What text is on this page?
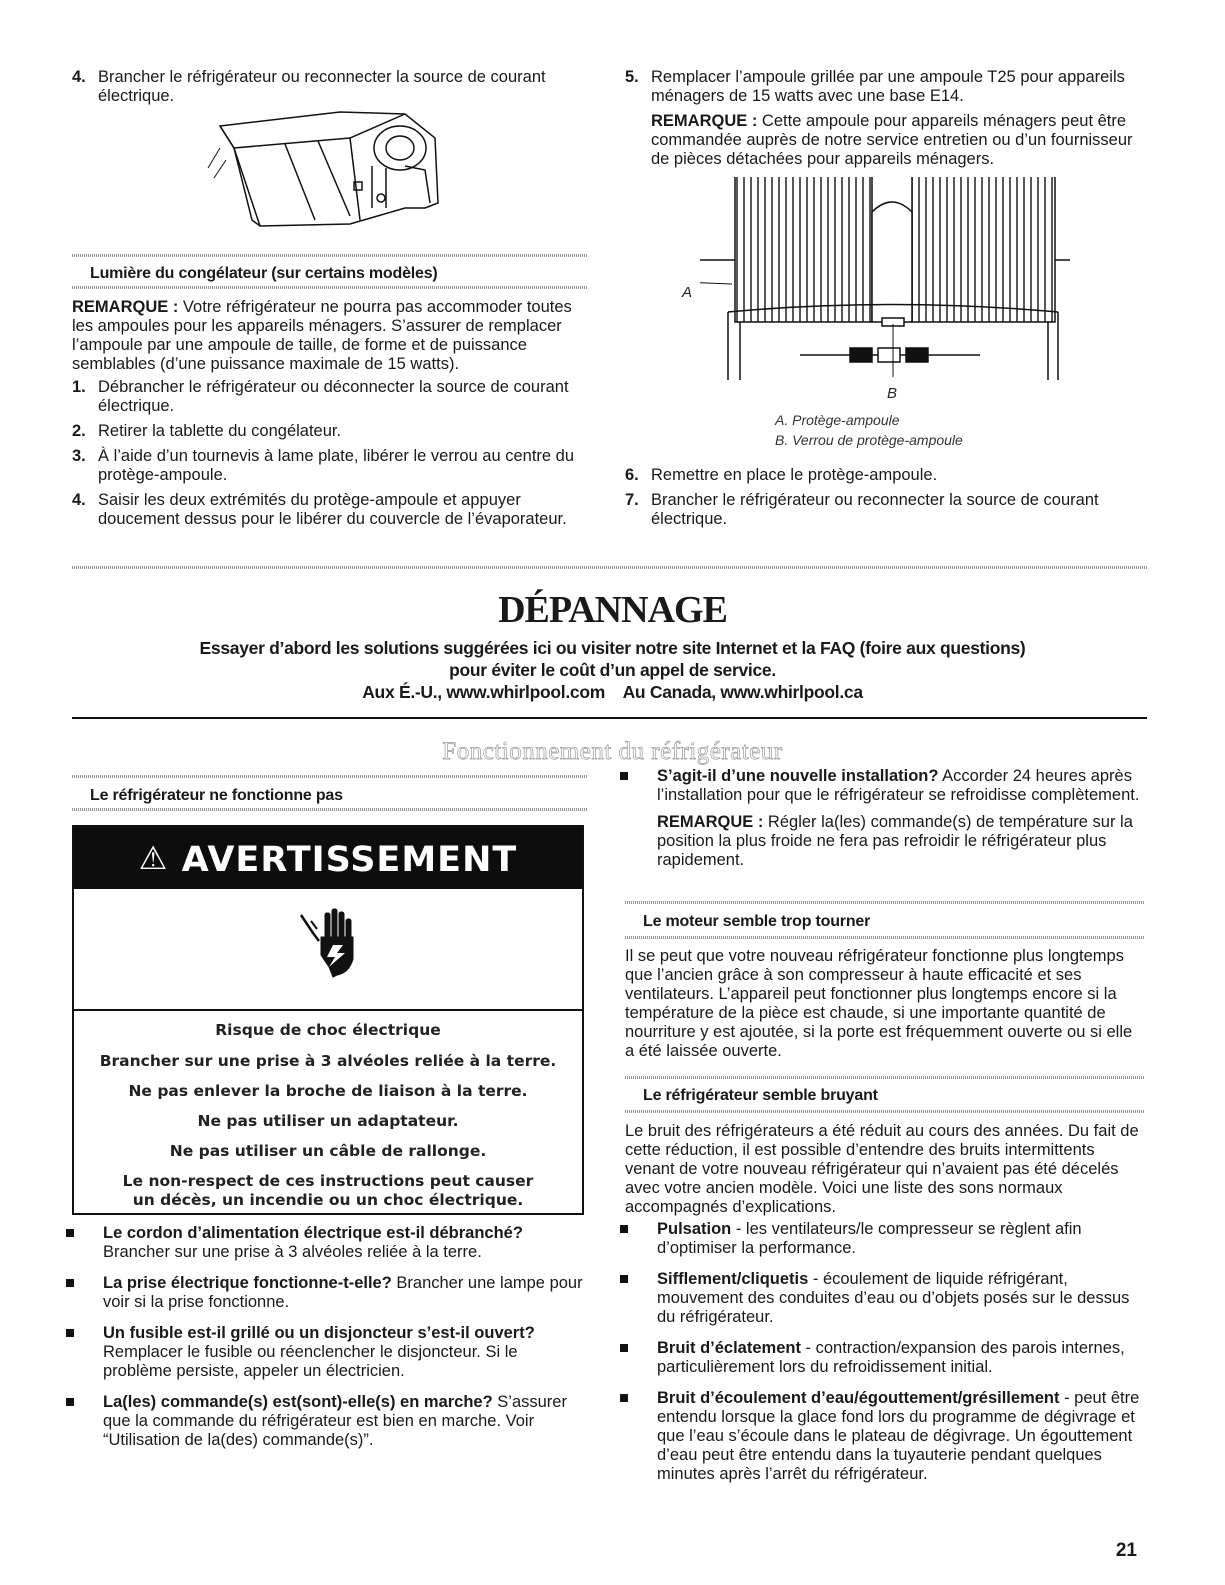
4. Brancher le réfrigérateur ou reconnecter la source de courant électrique.
Lumière du congélateur (sur certains modèles)

REMARQUE : Votre réfrigérateur ne pourra pas accommoder toutes les ampoules pour les appareils ménagers. S’assurer de remplacer l’ampoule par une ampoule de taille, de forme et de puissance semblables (d’une puissance maximale de 15 watts).

1. Débrancher le réfrigérateur ou déconnecter la source de courant électrique.
2. Retirer la tablette du congélateur.
3. À l’aide d’un tournevis à lame plate, libérer le verrou au centre du protège-ampoule.
4. Saisir les deux extrémités du protège-ampoule et appuyer doucement dessus pour le libérer du couvercle de l’évaporateur.
5. Remplacer l’ampoule grillée par une ampoule T25 pour appareils ménagers de 15 watts avec une base E14.

REMARQUE : Cette ampoule pour appareils ménagers peut être commandée auprès de notre service entretien ou d’un fournisseur de pièces détachées pour appareils ménagers.

A
B
A. Protège-ampoule
B. Verrou de protège-ampoule
6. Remettre en place le protège-ampoule.
7. Brancher le réfrigérateur ou reconnecter la source de courant électrique.
DÉPANNAGE
Essayer d’abord les solutions suggérées ici ou visiter notre site Internet et la FAQ (foire aux questions)
pour éviter le coût d’un appel de service.
Aux É.-U., www.whirlpool.com    Au Canada, www.whirlpool.ca
Fonctionnement du réfrigérateur
Le réfrigérateur ne fonctionne pas
⚠ AVERTISSEMENT
Risque de choc électrique
Brancher sur une prise à 3 alvéoles reliée à la terre.
Ne pas enlever la broche de liaison à la terre.
Ne pas utiliser un adaptateur.
Ne pas utiliser un câble de rallonge.
Le non-respect de ces instructions peut causer
un décès, un incendie ou un choc électrique.
Le cordon d’alimentation électrique est-il débranché? Brancher sur une prise à 3 alvéoles reliée à la terre.
La prise électrique fonctionne-t-elle? Brancher une lampe pour voir si la prise fonctionne.
Un fusible est-il grillé ou un disjoncteur s’est-il ouvert? Remplacer le fusible ou réenclencher le disjoncteur. Si le problème persiste, appeler un électricien.
La(les) commande(s) est(sont)-elle(s) en marche? S’assurer que la commande du réfrigérateur est bien en marche. Voir “Utilisation de la(des) commande(s)”.
S’agit-il d’une nouvelle installation? Accorder 24 heures après l’installation pour que le réfrigérateur se refroidisse complètement.

REMARQUE : Régler la(les) commande(s) de température sur la position la plus froide ne fera pas refroidir le réfrigérateur plus rapidement.

Le moteur semble trop tourner

Il se peut que votre nouveau réfrigérateur fonctionne plus longtemps que l’ancien grâce à son compresseur à haute efficacité et ses ventilateurs. L’appareil peut fonctionner plus longtemps encore si la température de la pièce est chaude, si une importante quantité de nourriture y est ajoutée, si la porte est fréquemment ouverte ou si elle a été laissée ouverte.

Le réfrigérateur semble bruyant

Le bruit des réfrigérateurs a été réduit au cours des années. Du fait de cette réduction, il est possible d’entendre des bruits intermittents venant de votre nouveau réfrigérateur qui n’avaient pas été décelés avec votre ancien modèle. Voici une liste des sons normaux accompagnés d’explications.

Pulsation - les ventilateurs/le compresseur se règlent afin d’optimiser la performance.
Sifflement/cliquetis - écoulement de liquide réfrigérant, mouvement des conduites d’eau ou d’objets posés sur le dessus du réfrigérateur.
Bruit d’éclatement - contraction/expansion des parois internes, particulièrement lors du refroidissement initial.
Bruit d’écoulement d’eau/égouttement/grésillement - peut être entendu lorsque la glace fond lors du programme de dégivrage et que l’eau s’écoule dans le plateau de dégivrage. Un égouttement d’eau peut être entendu dans la tuyauterie pendant quelques minutes après l’arrêt du réfrigérateur.
21
